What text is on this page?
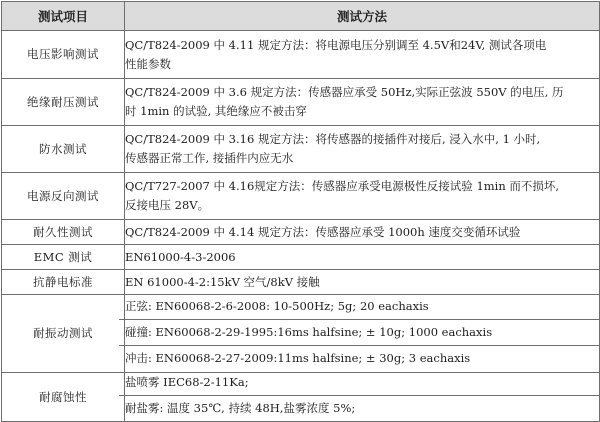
测试项目	测试方法
电压影响测试	QC/T824-2009 中 4.11 规定方法：将电源电压分别调至 4.5V和24V, 测试各项电
性能参数

绝缘耐压测试	QC/T824-2009 中 3.6 规定方法：传感器应承受 50Hz,实际正弦波 550V 的电压, 历
时 1min 的试验, 其绝缘应不被击穿

防水测试	QC/T824-2009 中 3.16 规定方法：将传感器的接插件对接后, 浸入水中, 1 小时,
传感器正常工作, 接插件内应无水

电源反向测试	QC/T727-2007 中 4.16规定方法：传感器应承受电源极性反接试验 1min 而不损坏,
反接电压 28V。

耐久性测试	QC/T824-2009 中 4.14 规定方法：传感器应承受 1000h 速度交变循环试验

EMC 测试	EN61000-4-3-2006

抗静电标准	EN 61000-4-2:15kV 空气/8kV 接触

耐振动测试	正弦: EN60068-2-6-2008: 10-500Hz; 5g; 20 eachaxis
碰撞: EN60068-2-29-1995:16ms halfsine; ± 10g; 1000 eachaxis
冲击: EN60068-2-27-2009:11ms halfsine; ± 30g; 3 eachaxis

耐腐蚀性	盐喷雾 IEC68-2-11Ka;
耐盐雾: 温度 35℃, 持续 48H,盐雾浓度 5%;
